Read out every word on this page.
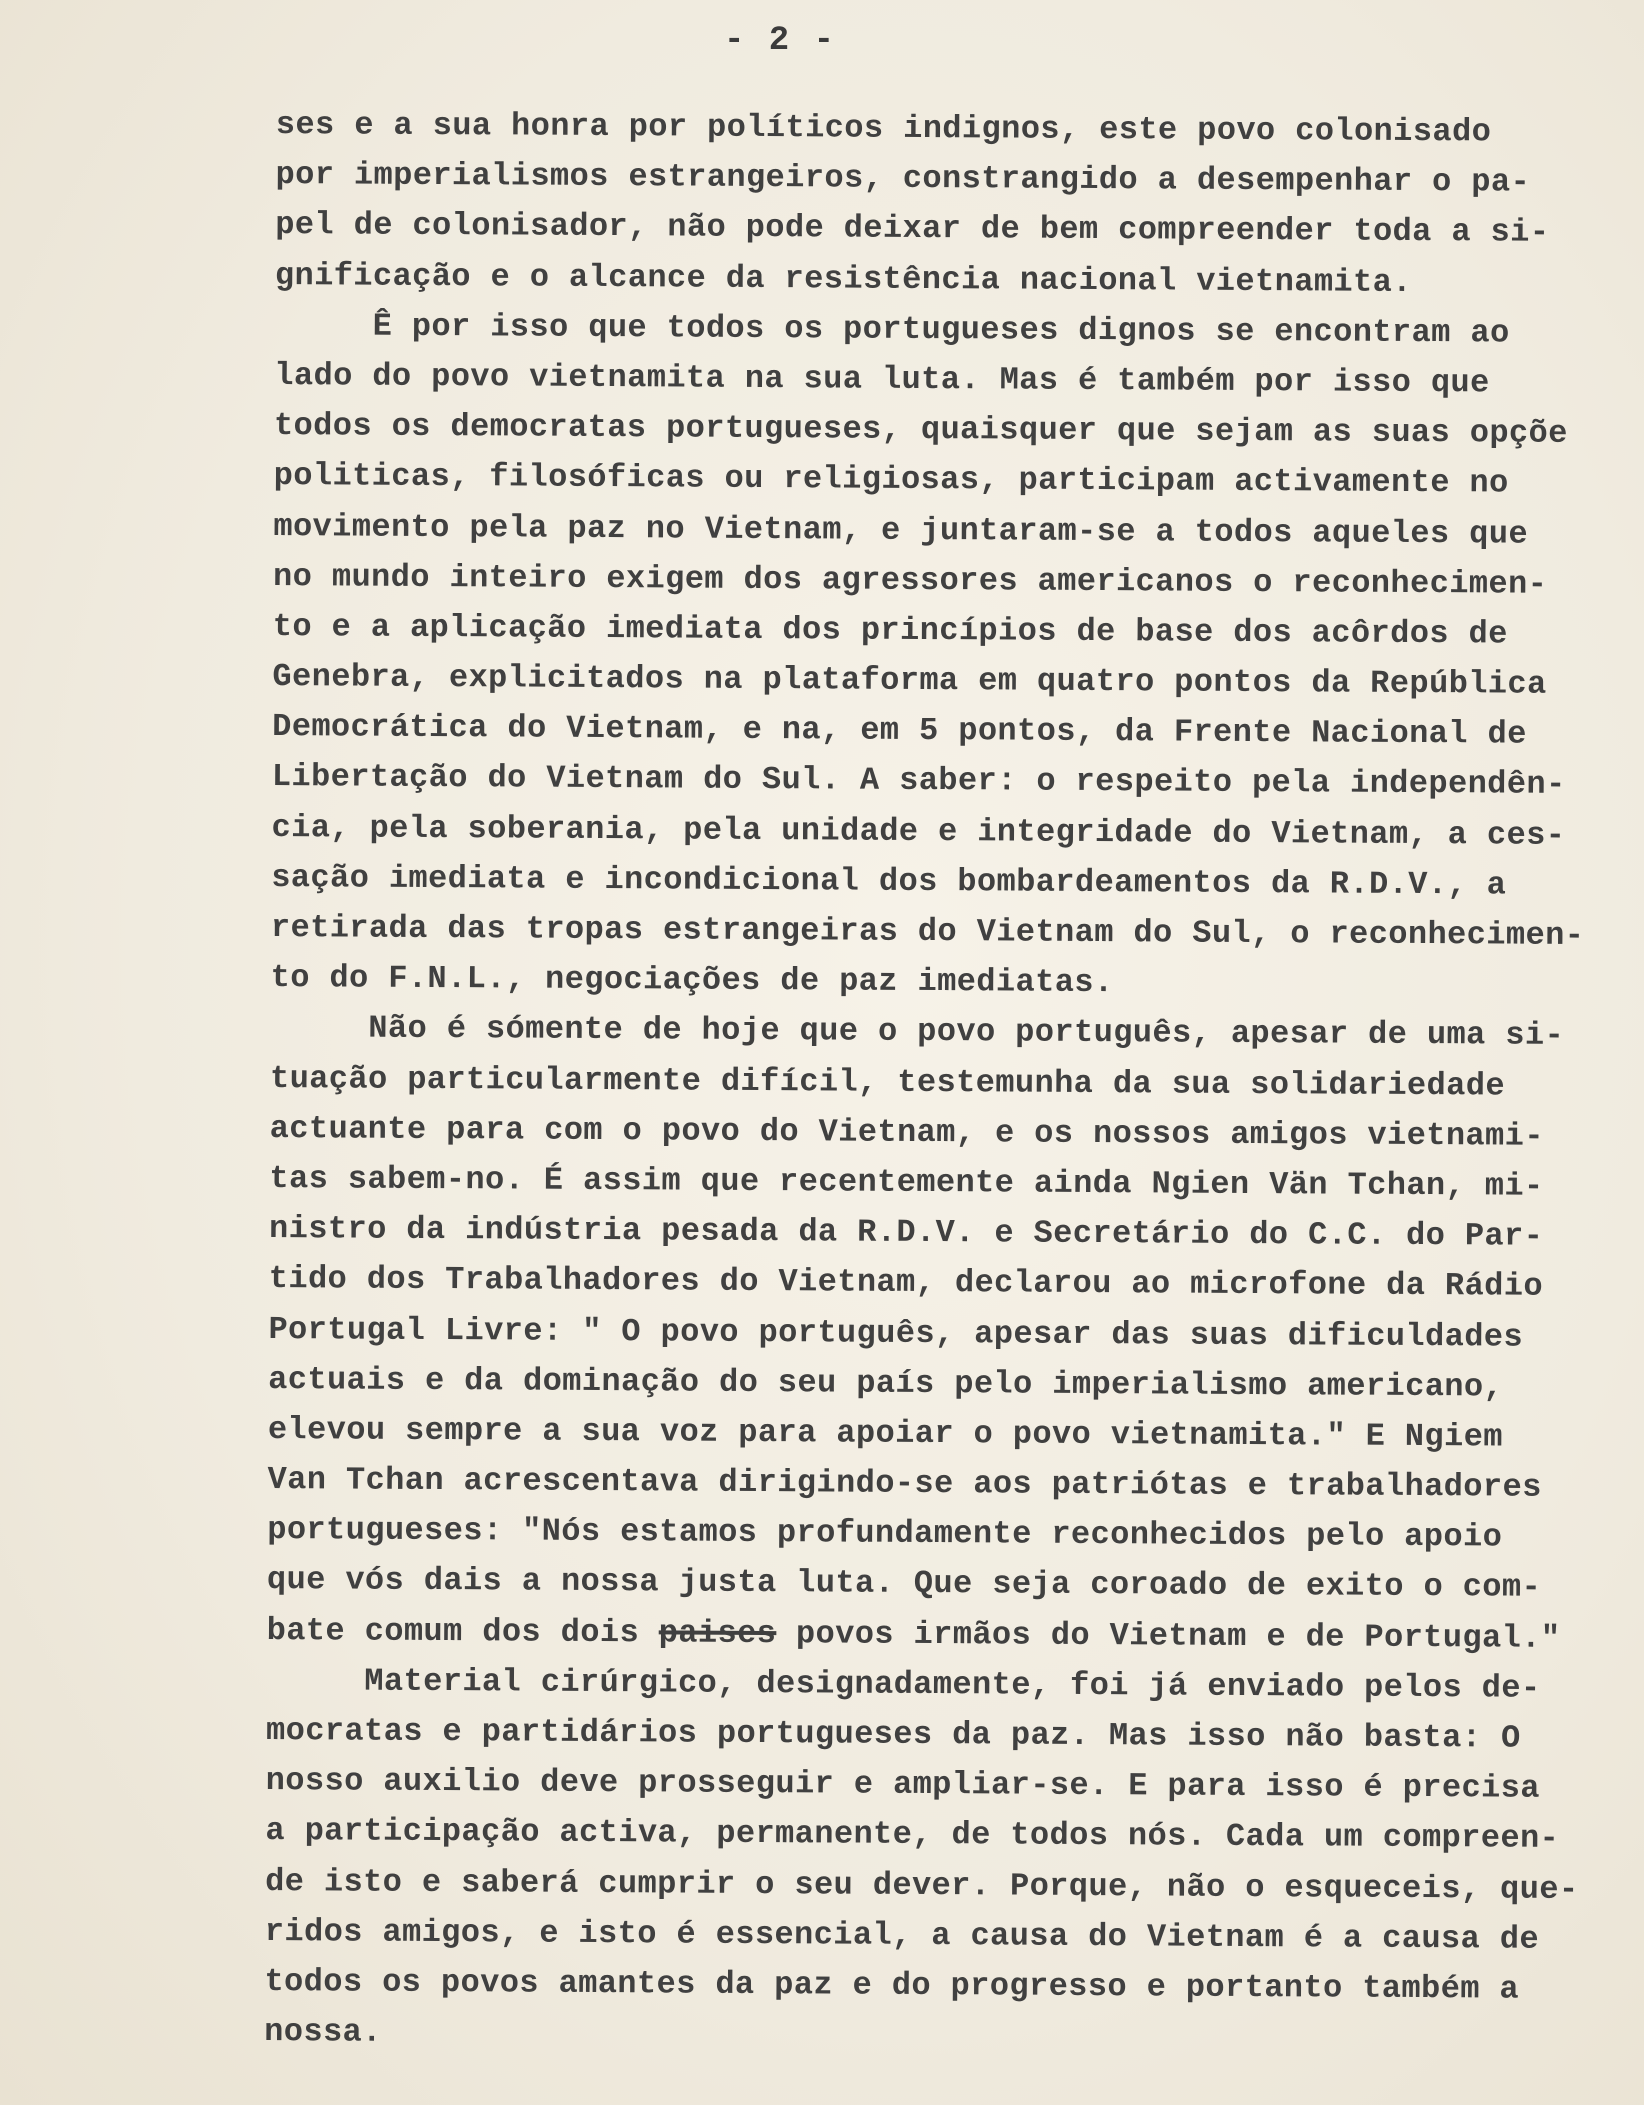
- 2 -
ses e a sua honra por políticos indignos, este povo colonisado
por imperialismos estrangeiros, constrangido a desempenhar o pa-
pel de colonisador, não pode deixar de bem compreender toda a si-
gnificação e o alcance da resistência nacional vietnamita.
Ê por isso que todos os portugueses dignos se encontram ao
lado do povo vietnamita na sua luta. Mas é também por isso que
todos os democratas portugueses, quaisquer que sejam as suas opçõe
politicas, filosóficas ou religiosas, participam activamente no
movimento pela paz no Vietnam, e juntaram-se a todos aqueles que
no mundo inteiro exigem dos agressores americanos o reconhecimen-
to e a aplicação imediata dos princípios de base dos acôrdos de
Genebra, explicitados na plataforma em quatro pontos da República
Democrática do Vietnam, e na, em 5 pontos, da Frente Nacional de
Libertação do Vietnam do Sul. A saber: o respeito pela independên-
cia, pela soberania, pela unidade e integridade do Vietnam, a ces-
sação imediata e incondicional dos bombardeamentos da R.D.V., a
retirada das tropas estrangeiras do Vietnam do Sul, o reconhecimen-
to do F.N.L., negociações de paz imediatas.
Não é sómente de hoje que o povo português, apesar de uma si-
tuação particularmente difícil, testemunha da sua solidariedade
actuante para com o povo do Vietnam, e os nossos amigos vietnami-
tas sabem-no. É assim que recentemente ainda Ngien Vän Tchan, mi-
nistro da indústria pesada da R.D.V. e Secretário do C.C. do Par-
tido dos Trabalhadores do Vietnam, declarou ao microfone da Rádio
Portugal Livre: " O povo português, apesar das suas dificuldades
actuais e da dominação do seu país pelo imperialismo americano,
elevou sempre a sua voz para apoiar o povo vietnamita." E Ngiem
Van Tchan acrescentava dirigindo-se aos patriótas e trabalhadores
portugueses: "Nós estamos profundamente reconhecidos pelo apoio
que vós dais a nossa justa luta. Que seja coroado de exito o com-
bate comum dos dois paises povos irmãos do Vietnam e de Portugal."
Material cirúrgico, designadamente, foi já enviado pelos de-
mocratas e partidários portugueses da paz. Mas isso não basta: O
nosso auxilio deve prosseguir e ampliar-se. E para isso é precisa
a participação activa, permanente, de todos nós. Cada um compreen-
de isto e saberá cumprir o seu dever. Porque, não o esqueceis, que-
ridos amigos, e isto é essencial, a causa do Vietnam é a causa de
todos os povos amantes da paz e do progresso e portanto também a
nossa.
